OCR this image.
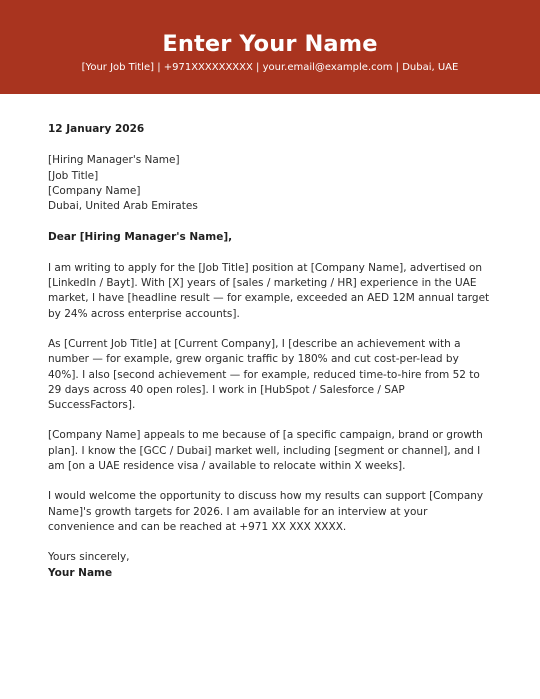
Enter Your Name
[Your Job Title] | +971XXXXXXXXX | your.email@example.com | Dubai, UAE
12 January 2026
[Hiring Manager's Name]
[Job Title]
[Company Name]
Dubai, United Arab Emirates
Dear [Hiring Manager's Name],

I am writing to apply for the [Job Title] position at [Company Name], advertised on [LinkedIn / Bayt]. With [X] years of [sales / marketing / HR] experience in the UAE market, I have [headline result — for example, exceeded an AED 12M annual target by 24% across enterprise accounts].

As [Current Job Title] at [Current Company], I [describe an achievement with a number — for example, grew organic traffic by 180% and cut cost-per-lead by 40%]. I also [second achievement — for example, reduced time-to-hire from 52 to 29 days across 40 open roles]. I work in [HubSpot / Salesforce / SAP SuccessFactors].

[Company Name] appeals to me because of [a specific campaign, brand or growth plan]. I know the [GCC / Dubai] market well, including [segment or channel], and I am [on a UAE residence visa / available to relocate within X weeks].

I would welcome the opportunity to discuss how my results can support [Company Name]'s growth targets for 2026. I am available for an interview at your convenience and can be reached at +971 XX XXX XXXX.

Yours sincerely,
Your Name
